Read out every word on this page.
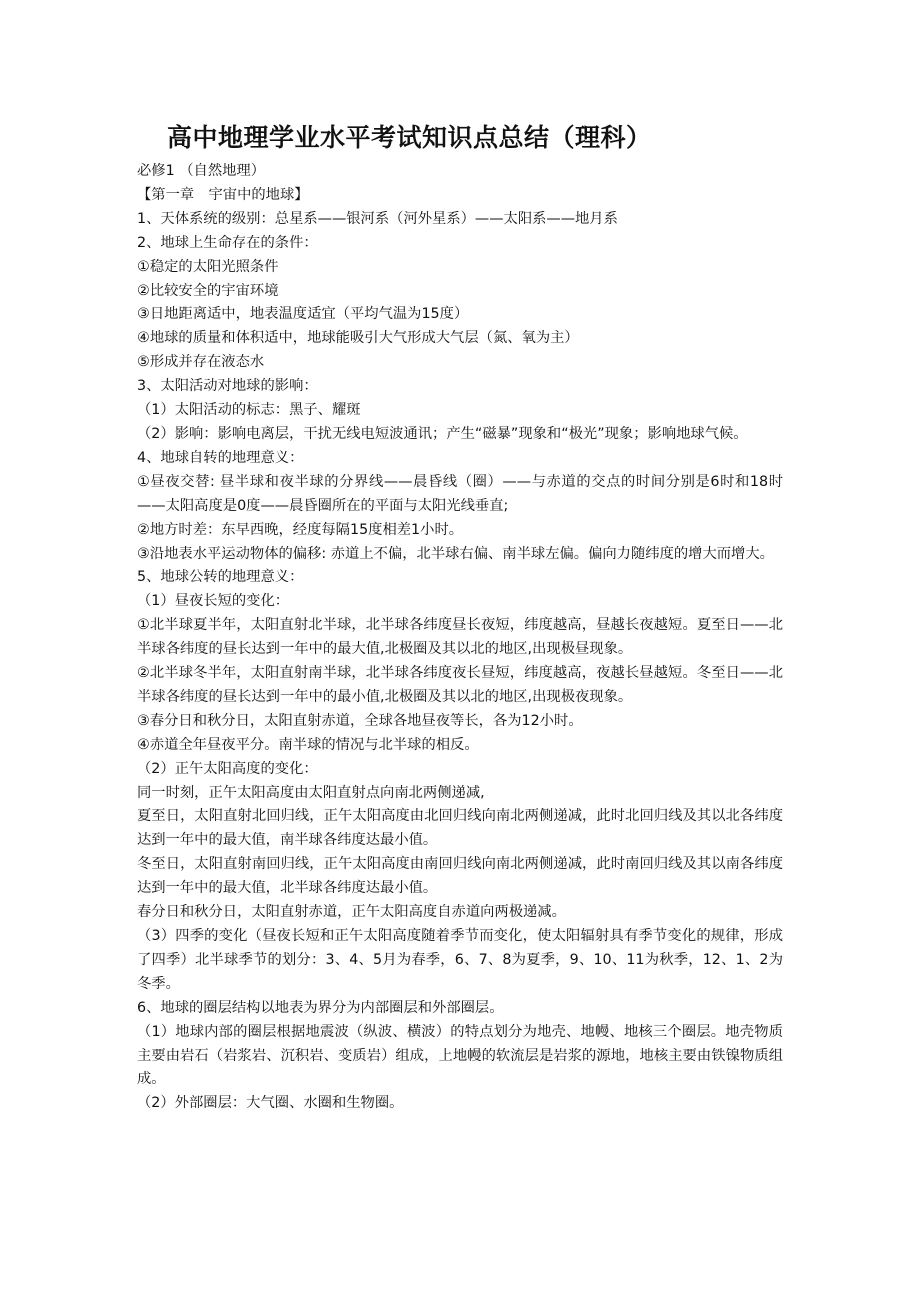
高中地理学业水平考试知识点总结（理科）

必修1 （自然地理）

【第一章　宇宙中的地球】

1、天体系统的级别：总星系——银河系（河外星系）——太阳系——地月系

2、地球上生命存在的条件：

①稳定的太阳光照条件

②比较安全的宇宙环境

③日地距离适中，地表温度适宜（平均气温为15度）

④地球的质量和体积适中，地球能吸引大气形成大气层（氮、氧为主）

⑤形成并存在液态水

3、太阳活动对地球的影响：

（1）太阳活动的标志：黑子、耀斑

（2）影响：影响电离层，干扰无线电短波通讯；产生“磁暴”现象和“极光”现象；影响地球气候。

4、地球自转的地理意义：

①昼夜交替: 昼半球和夜半球的分界线——晨昏线（圈）——与赤道的交点的时间分别是6时和18时——太阳高度是0度——晨昏圈所在的平面与太阳光线垂直;

②地方时差：东早西晚，经度每隔15度相差1小时。

③沿地表水平运动物体的偏移: 赤道上不偏，北半球右偏、南半球左偏。偏向力随纬度的增大而增大。

5、地球公转的地理意义：

（1）昼夜长短的变化：

①北半球夏半年，太阳直射北半球，北半球各纬度昼长夜短，纬度越高，昼越长夜越短。夏至日——北半球各纬度的昼长达到一年中的最大值,北极圈及其以北的地区,出现极昼现象。

②北半球冬半年，太阳直射南半球，北半球各纬度夜长昼短，纬度越高，夜越长昼越短。冬至日——北半球各纬度的昼长达到一年中的最小值,北极圈及其以北的地区,出现极夜现象。

③春分日和秋分日，太阳直射赤道，全球各地昼夜等长，各为12小时。

④赤道全年昼夜平分。南半球的情况与北半球的相反。

（2）正午太阳高度的变化：

同一时刻，正午太阳高度由太阳直射点向南北两侧递减,

夏至日，太阳直射北回归线，正午太阳高度由北回归线向南北两侧递减，此时北回归线及其以北各纬度达到一年中的最大值，南半球各纬度达最小值。

冬至日，太阳直射南回归线，正午太阳高度由南回归线向南北两侧递减，此时南回归线及其以南各纬度达到一年中的最大值，北半球各纬度达最小值。

春分日和秋分日，太阳直射赤道，正午太阳高度自赤道向两极递减。

（3）四季的变化（昼夜长短和正午太阳高度随着季节而变化，使太阳辐射具有季节变化的规律，形成了四季）北半球季节的划分：3、4、5月为春季，6、7、8为夏季，9、10、11为秋季，12、1、2为冬季。

6、地球的圈层结构以地表为界分为内部圈层和外部圈层。

（1）地球内部的圈层根据地震波（纵波、横波）的特点划分为地壳、地幔、地核三个圈层。地壳物质主要由岩石（岩浆岩、沉积岩、变质岩）组成，上地幔的软流层是岩浆的源地，地核主要由铁镍物质组成。

（2）外部圈层：大气圈、水圈和生物圈。
